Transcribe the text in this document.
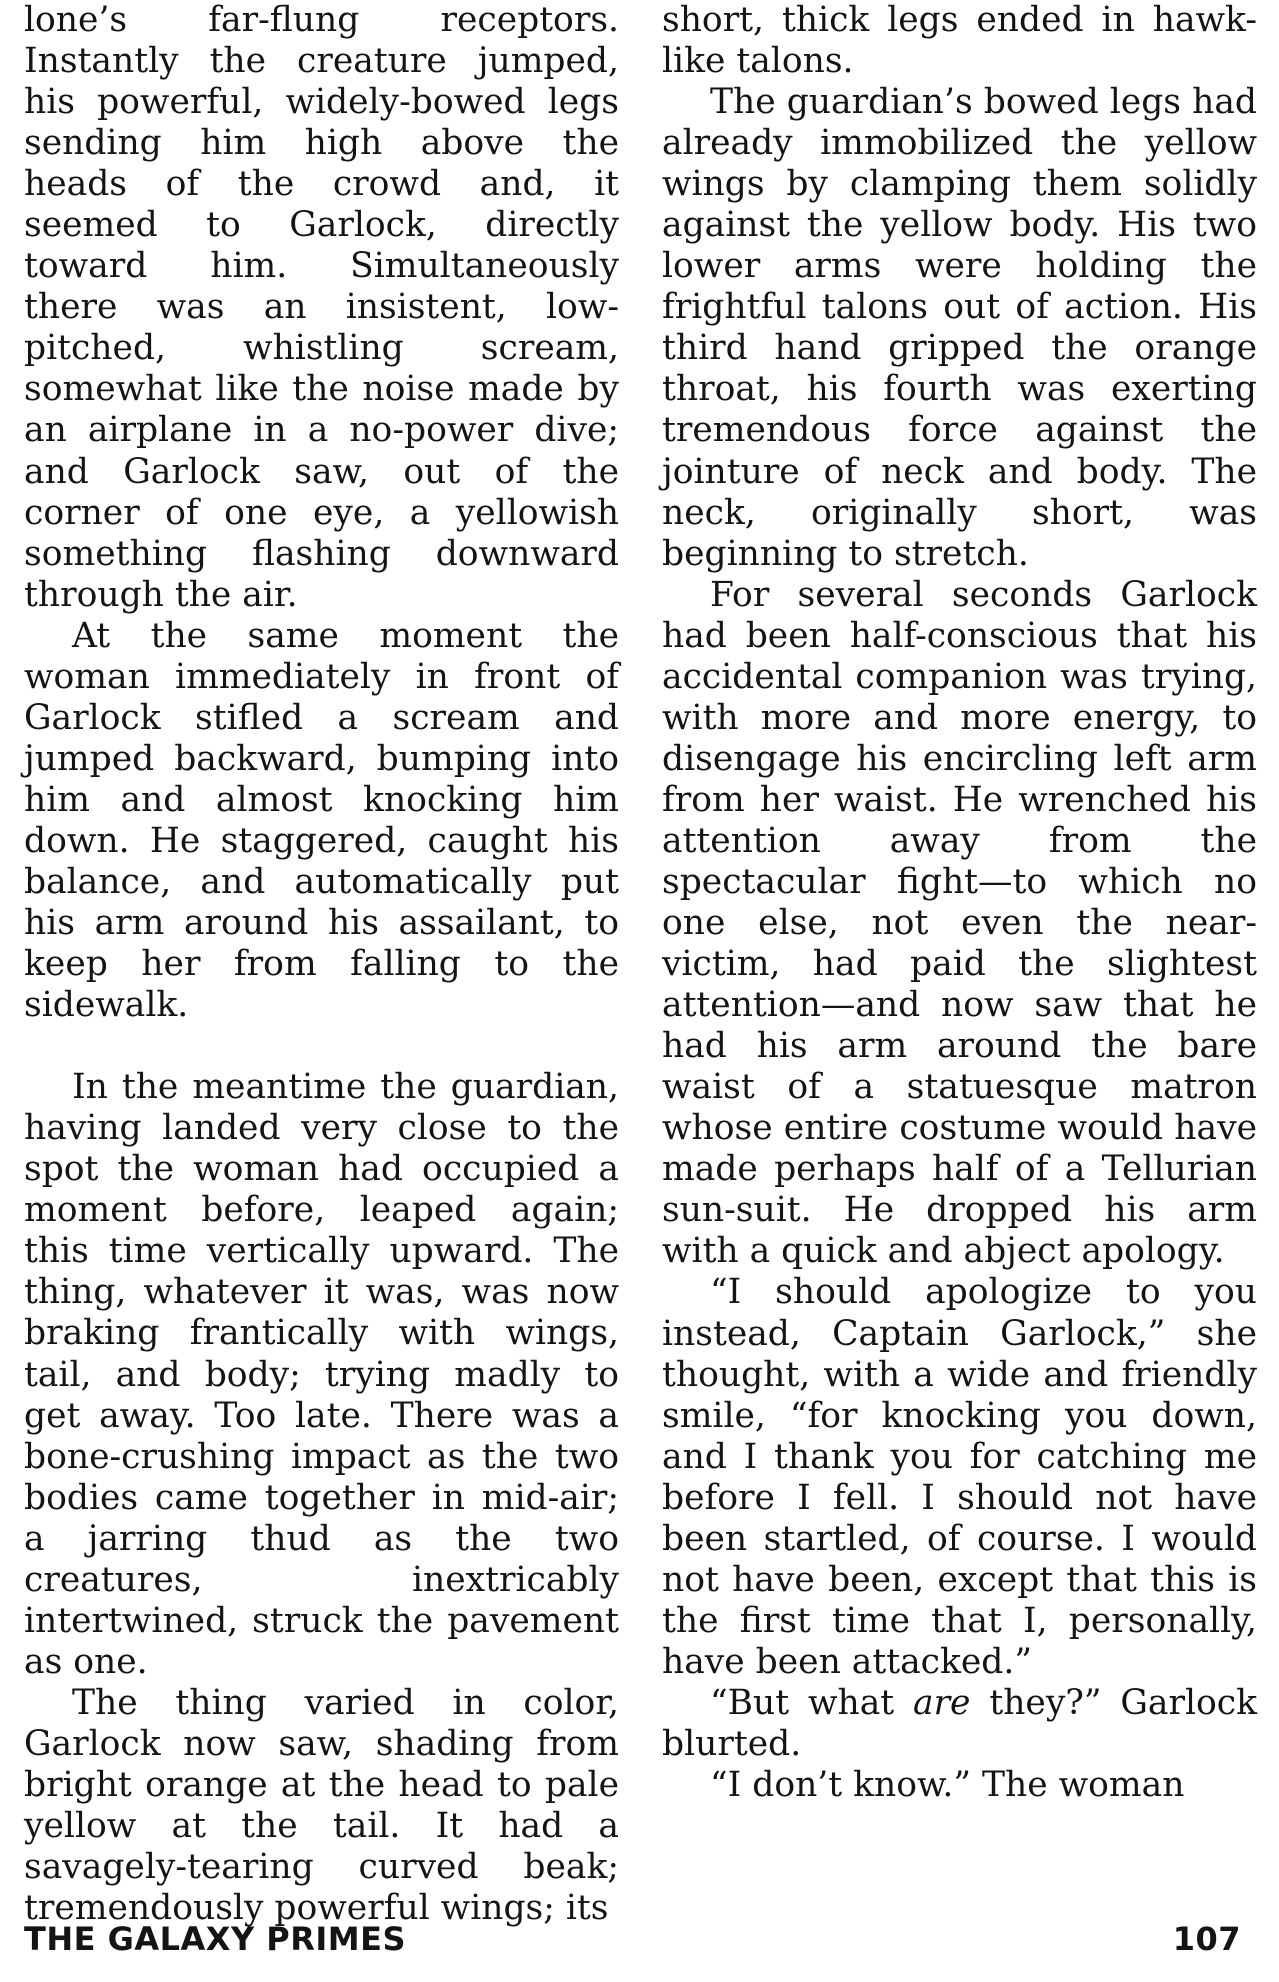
lone’s far-flung receptors. Instantly the creature jumped, his powerful, widely-bowed legs sending him high above the heads of the crowd and, it seemed to Garlock, directly toward him. Simultaneously there was an insistent, low-pitched, whistling scream, somewhat like the noise made by an airplane in a no-power dive; and Garlock saw, out of the corner of one eye, a yellowish something flashing downward through the air.

At the same moment the woman immediately in front of Garlock stifled a scream and jumped backward, bumping into him and almost knocking him down. He staggered, caught his balance, and automatically put his arm around his assailant, to keep her from falling to the sidewalk.

In the meantime the guardian, having landed very close to the spot the woman had occupied a moment before, leaped again; this time vertically upward. The thing, whatever it was, was now braking frantically with wings, tail, and body; trying madly to get away. Too late. There was a bone-crushing impact as the two bodies came together in mid-air; a jarring thud as the two creatures, inextricably intertwined, struck the pavement as one.

The thing varied in color, Garlock now saw, shading from bright orange at the head to pale yellow at the tail. It had a savagely-tearing curved beak; tremendously powerful wings; its

short, thick legs ended in hawk-like talons.

The guardian’s bowed legs had already immobilized the yellow wings by clamping them solidly against the yellow body. His two lower arms were holding the frightful talons out of action. His third hand gripped the orange throat, his fourth was exerting tremendous force against the jointure of neck and body. The neck, originally short, was beginning to stretch.

For several seconds Garlock had been half-conscious that his accidental companion was trying, with more and more energy, to disengage his encircling left arm from her waist. He wrenched his attention away from the spectacular fight—to which no one else, not even the near-victim, had paid the slightest attention—and now saw that he had his arm around the bare waist of a statuesque matron whose entire costume would have made perhaps half of a Tellurian sun-suit. He dropped his arm with a quick and abject apology.

“I should apologize to you instead, Captain Garlock,” she thought, with a wide and friendly smile, “for knocking you down, and I thank you for catching me before I fell. I should not have been startled, of course. I would not have been, except that this is the first time that I, personally, have been attacked.”

“But what are they?” Garlock blurted.

“I don’t know.” The woman

THE GALAXY PRIMES	107
